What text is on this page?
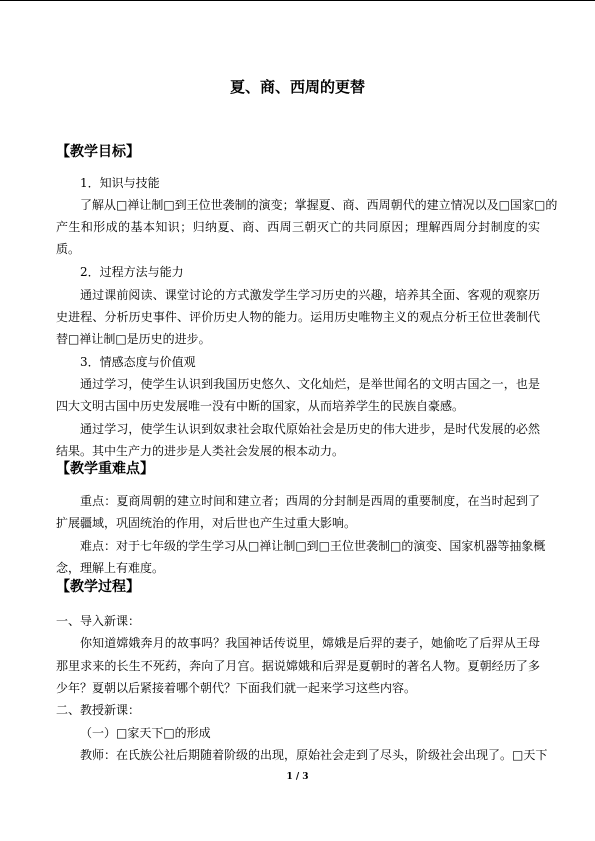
夏、商、西周的更替
【教学目标】
1．知识与技能
了解从□禅让制□到王位世袭制的演变；掌握夏、商、西周朝代的建立情况以及□国家□的
产生和形成的基本知识；归纳夏、商、西周三朝灭亡的共同原因；理解西周分封制度的实
质。
2．过程方法与能力
通过课前阅读、课堂讨论的方式激发学生学习历史的兴趣，培养其全面、客观的观察历
史进程、分析历史事件、评价历史人物的能力。运用历史唯物主义的观点分析王位世袭制代
替□禅让制□是历史的进步。
3．情感态度与价值观
通过学习，使学生认识到我国历史悠久、文化灿烂，是举世闻名的文明古国之一，也是
四大文明古国中历史发展唯一没有中断的国家，从而培养学生的民族自豪感。
通过学习，使学生认识到奴隶社会取代原始社会是历史的伟大进步，是时代发展的必然
结果。其中生产力的进步是人类社会发展的根本动力。
【教学重难点】
重点：夏商周朝的建立时间和建立者；西周的分封制是西周的重要制度，在当时起到了
扩展疆域，巩固统治的作用，对后世也产生过重大影响。
难点：对于七年级的学生学习从□禅让制□到□王位世袭制□的演变、国家机器等抽象概
念，理解上有难度。
【教学过程】
一、导入新课：
你知道嫦娥奔月的故事吗？我国神话传说里，嫦娥是后羿的妻子，她偷吃了后羿从王母
那里求来的长生不死药，奔向了月宫。据说嫦娥和后羿是夏朝时的著名人物。夏朝经历了多
少年？夏朝以后紧接着哪个朝代？下面我们就一起来学习这些内容。
二、教授新课：
（一）□家天下□的形成
教师：在氏族公社后期随着阶级的出现，原始社会走到了尽头，阶级社会出现了。□天下
1 / 3
